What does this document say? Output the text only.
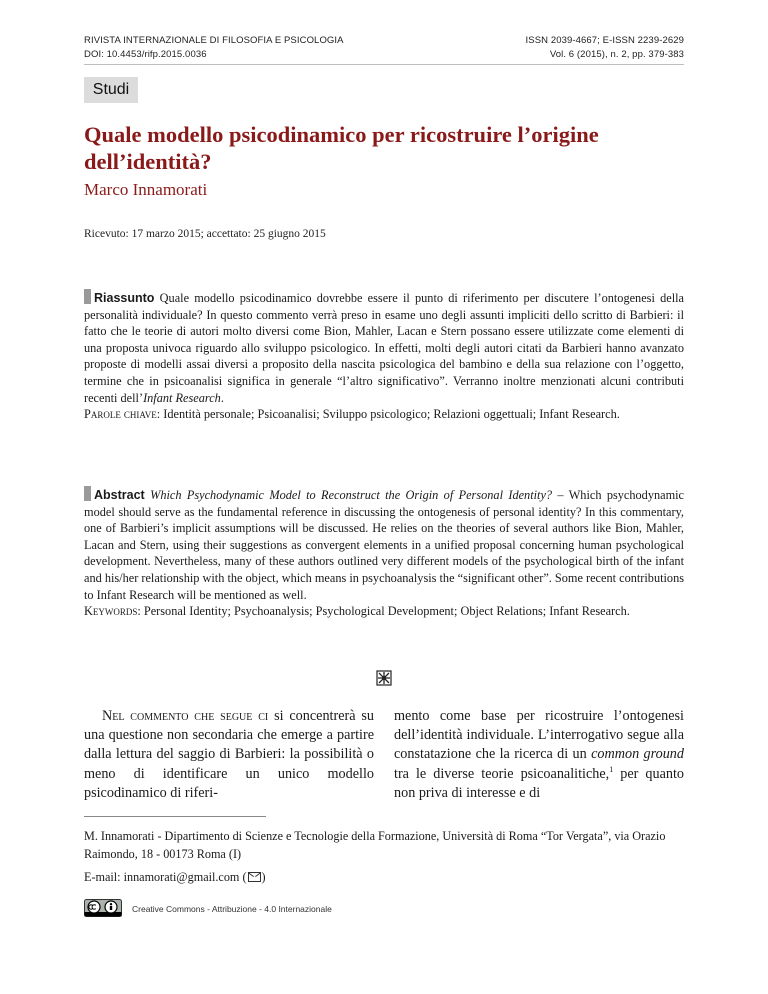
RIVISTA INTERNAZIONALE DI FILOSOFIA E PSICOLOGIA
DOI: 10.4453/rifp.2015.0036
ISSN 2039-4667; E-ISSN 2239-2629
Vol. 6 (2015), n. 2, pp. 379-383
Studi
Quale modello psicodinamico per ricostruire l’origine dell’identità?
Marco Innamorati
Ricevuto: 17 marzo 2015; accettato: 25 giugno 2015
Riassunto Quale modello psicodinamico dovrebbe essere il punto di riferimento per discutere l’ontogenesi della personalità individuale? In questo commento verrà preso in esame uno degli assunti impliciti dello scritto di Barbieri: il fatto che le teorie di autori molto diversi come Bion, Mahler, Lacan e Stern possano essere utilizzate come elementi di una proposta univoca riguardo allo sviluppo psicologico. In effetti, molti degli autori citati da Barbieri hanno avanzato proposte di modelli assai diversi a proposito della nascita psicologica del bambino e della sua relazione con l’oggetto, termine che in psicoanalisi significa in generale “l’altro significativo”. Verranno inoltre menzionati alcuni contributi recenti dell’Infant Research.
Parole chiave: Identità personale; Psicoanalisi; Sviluppo psicologico; Relazioni oggettuali; Infant Research.
Abstract Which Psychodynamic Model to Reconstruct the Origin of Personal Identity? – Which psychodynamic model should serve as the fundamental reference in discussing the ontogenesis of personal identity? In this commentary, one of Barbieri’s implicit assumptions will be discussed. He relies on the theories of several authors like Bion, Mahler, Lacan and Stern, using their suggestions as convergent elements in a unified proposal concerning human psychological development. Nevertheless, many of these authors outlined very different models of the psychological birth of the infant and his/her relationship with the object, which means in psychoanalysis the “significant other”. Some recent contributions to Infant Research will be mentioned as well.
Keywords: Personal Identity; Psychoanalysis; Psychological Development; Object Relations; Infant Research.
Nel commento che segue ci si concentrerà su una questione non secondaria che emerge a partire dalla lettura del saggio di Barbieri: la possibilità o meno di identificare un unico modello psicodinamico di riferi-
mento come base per ricostruire l’ontogenesi dell’identità individuale. L’interrogativo segue alla constatazione che la ricerca di un common ground tra le diverse teorie psicoanalitiche,$^1$ per quanto non priva di interesse e di
M. Innamorati - Dipartimento di Scienze e Tecnologie della Formazione, Università di Roma “Tor Vergata”, via Orazio Raimondo, 18 - 00173 Roma (I)
E-mail: innamorati@gmail.com ( )
Creative Commons - Attribuzione - 4.0 Internazionale
